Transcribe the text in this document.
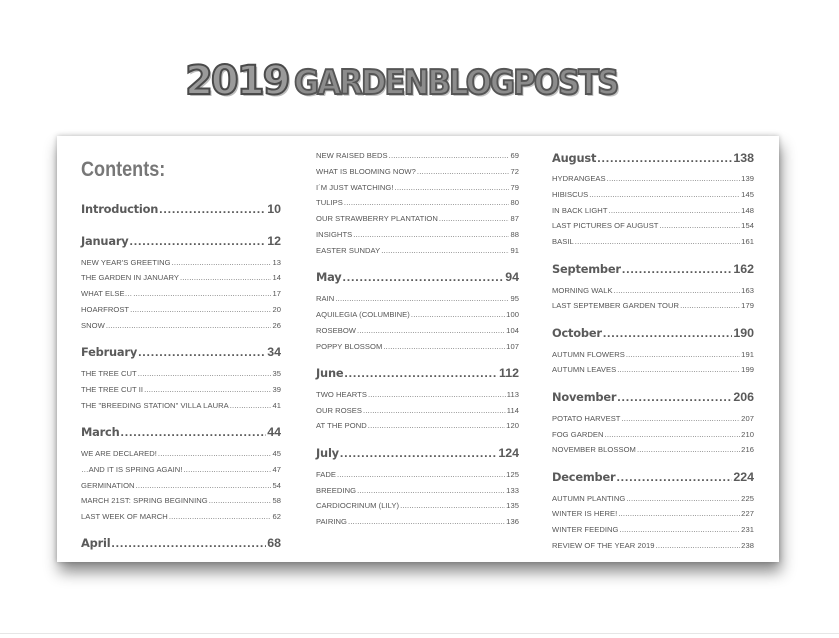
2019 GARDENBLOGPOSTS
Contents:
Introduction .....	10
January .....	12
NEW YEAR'S GREETING .....	13
THE GARDEN IN JANUARY .....	14
WHAT ELSE… .....	17
HOARFROST .....	20
SNOW .....	26
February .....	34
THE TREE CUT .....	35
THE TREE CUT II .....	39
THE "BREEDING STATION" VILLA LAURA .....	41
March .....	44
WE ARE DECLARED! .....	45
…AND IT IS SPRING AGAIN! .....	47
GERMINATION .....	54
MARCH 21ST: SPRING BEGINNING .....	58
LAST WEEK OF MARCH .....	62
April .....	68
NEW RAISED BEDS .....	69
WHAT IS BLOOMING NOW? .....	72
I´M JUST WATCHING! .....	79
TULIPS .....	80
OUR STRAWBERRY PLANTATION .....	87
INSIGHTS .....	88
EASTER SUNDAY .....	91
May .....	94
RAIN .....	95
AQUILEGIA (COLUMBINE) .....	100
ROSEBOW .....	104
POPPY BLOSSOM .....	107
June .....	112
TWO HEARTS .....	113
OUR ROSES .....	114
AT THE POND .....	120
July .....	124
FADE .....	125
BREEDING .....	133
CARDIOCRINUM (LILY) .....	135
PAIRING .....	136
August .....	138
HYDRANGEAS .....	139
HIBISCUS .....	145
IN BACK LIGHT .....	148
LAST PICTURES OF AUGUST .....	154
BASIL .....	161
September .....	162
MORNING WALK .....	163
LAST SEPTEMBER GARDEN TOUR .....	179
October .....	190
AUTUMN FLOWERS .....	191
AUTUMN LEAVES .....	199
November .....	206
POTATO HARVEST .....	207
FOG GARDEN .....	210
NOVEMBER BLOSSOM .....	216
December .....	224
AUTUMN PLANTING .....	225
WINTER IS HERE! .....	227
WINTER FEEDING .....	231
REVIEW OF THE YEAR 2019 .....	238
